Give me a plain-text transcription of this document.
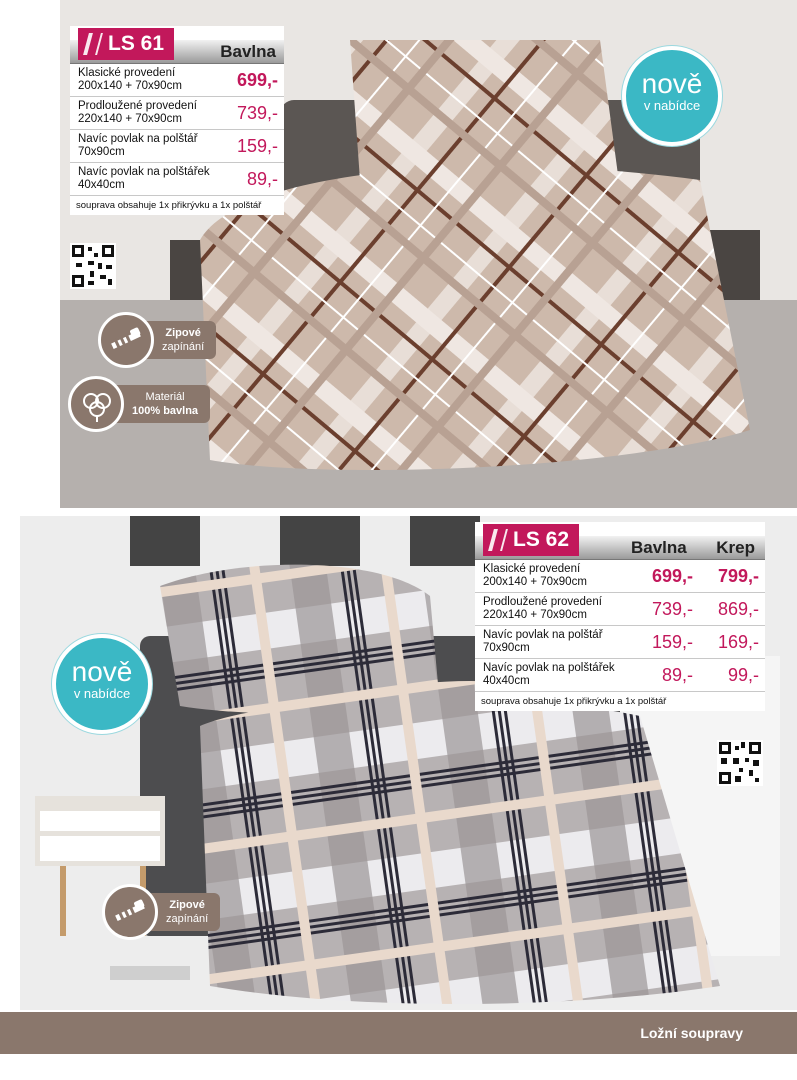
LS 61	Bavlna
Klasické provedení
200x140 + 70x90cm	699,-
Prodloužené provedení
220x140 + 70x90cm	739,-
Navíc povlak na polštář
70x90cm	159,-
Navíc povlak na polštářek
40x40cm	89,-
souprava obsahuje 1x přikrývku a 1x polštář
nově
v nabídce
Zipové
zapínání
Materiál
100% bavlna
LS 62	Bavlna Krep
Klasické provedení
200x140 + 70x90cm	699,-	799,-
Prodloužené provedení
220x140 + 70x90cm	739,-	869,-
Navíc povlak na polštář
70x90cm	159,-	169,-
Navíc povlak na polštářek
40x40cm	89,-	99,-
souprava obsahuje 1x přikrývku a 1x polštář
nově
v nabídce
Zipové
zapínání
Ložní soupravy
